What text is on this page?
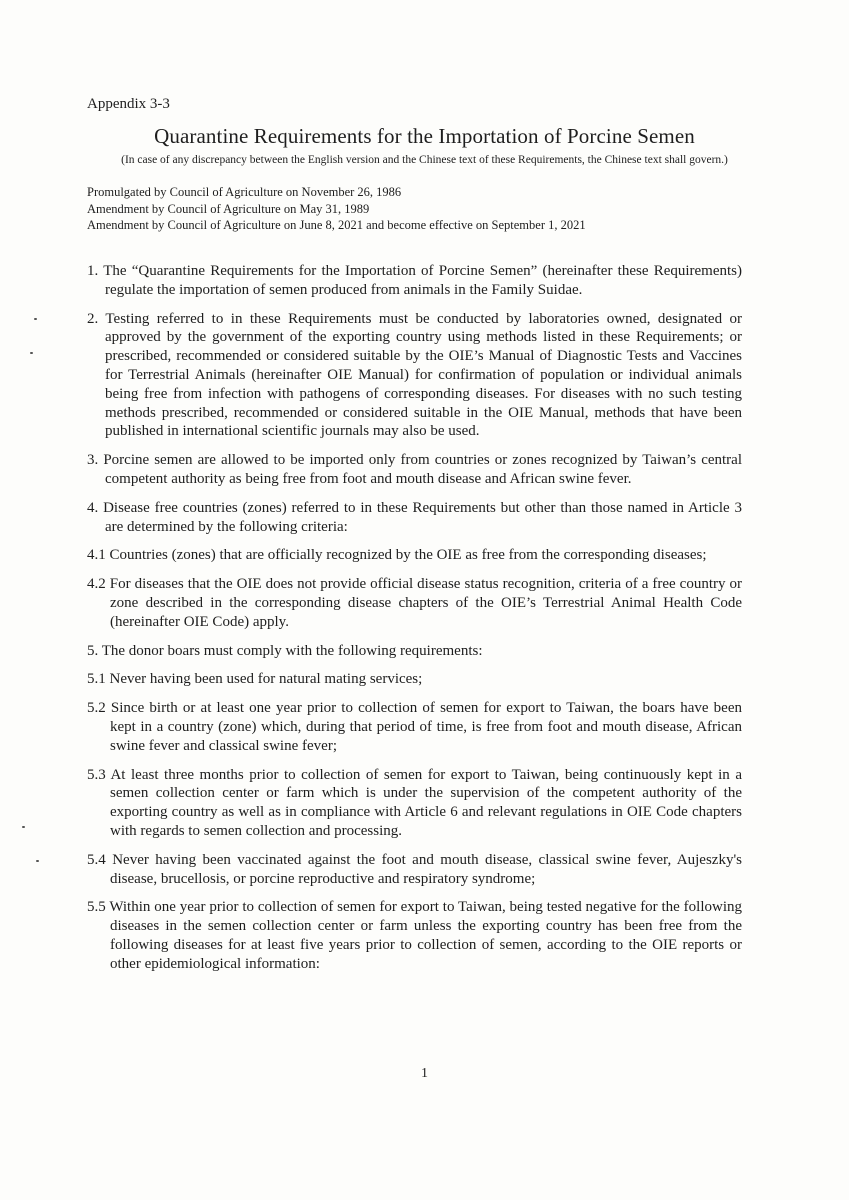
Appendix 3-3
Quarantine Requirements for the Importation of Porcine Semen
(In case of any discrepancy between the English version and the Chinese text of these Requirements, the Chinese text shall govern.)
Promulgated by Council of Agriculture on November 26, 1986
Amendment by Council of Agriculture on May 31, 1989
Amendment by Council of Agriculture on June 8, 2021 and become effective on September 1, 2021
1. The “Quarantine Requirements for the Importation of Porcine Semen” (hereinafter these Requirements) regulate the importation of semen produced from animals in the Family Suidae.
2. Testing referred to in these Requirements must be conducted by laboratories owned, designated or approved by the government of the exporting country using methods listed in these Requirements; or prescribed, recommended or considered suitable by the OIE’s Manual of Diagnostic Tests and Vaccines for Terrestrial Animals (hereinafter OIE Manual) for confirmation of population or individual animals being free from infection with pathogens of corresponding diseases. For diseases with no such testing methods prescribed, recommended or considered suitable in the OIE Manual, methods that have been published in international scientific journals may also be used.
3. Porcine semen are allowed to be imported only from countries or zones recognized by Taiwan’s central competent authority as being free from foot and mouth disease and African swine fever.
4. Disease free countries (zones) referred to in these Requirements but other than those named in Article 3 are determined by the following criteria:
4.1 Countries (zones) that are officially recognized by the OIE as free from the corresponding diseases;
4.2 For diseases that the OIE does not provide official disease status recognition, criteria of a free country or zone described in the corresponding disease chapters of the OIE’s Terrestrial Animal Health Code (hereinafter OIE Code) apply.
5. The donor boars must comply with the following requirements:
5.1 Never having been used for natural mating services;
5.2 Since birth or at least one year prior to collection of semen for export to Taiwan, the boars have been kept in a country (zone) which, during that period of time, is free from foot and mouth disease, African swine fever and classical swine fever;
5.3 At least three months prior to collection of semen for export to Taiwan, being continuously kept in a semen collection center or farm which is under the supervision of the competent authority of the exporting country as well as in compliance with Article 6 and relevant regulations in OIE Code chapters with regards to semen collection and processing.
5.4 Never having been vaccinated against the foot and mouth disease, classical swine fever, Aujeszky's disease, brucellosis, or porcine reproductive and respiratory syndrome;
5.5 Within one year prior to collection of semen for export to Taiwan, being tested negative for the following diseases in the semen collection center or farm unless the exporting country has been free from the following diseases for at least five years prior to collection of semen, according to the OIE reports or other epidemiological information:
1
